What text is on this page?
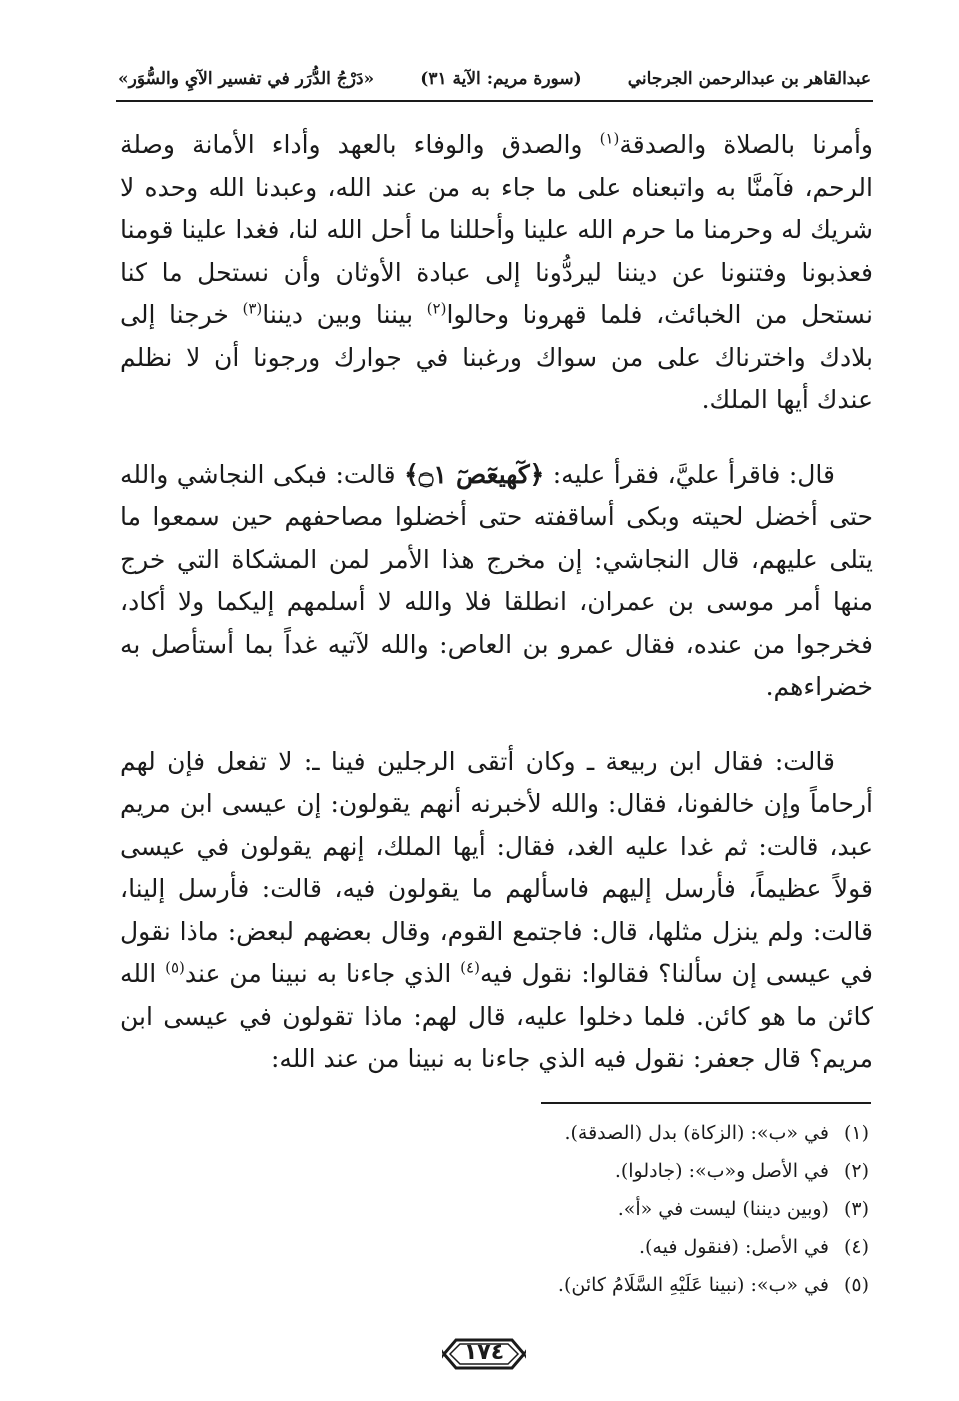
عبدالقاهر بن عبدالرحمن الجرجاني
(سورة مريم: الآية ٣١)
«دَرْجُ الدُّرَر في تفسير الآيِ والسُّوَر»

وأمرنا بالصلاة والصدقة$^{(١)}$ والصدق والوفاء بالعهد وأداء الأمانة وصلة الرحم، فآمنَّا به واتبعناه على ما جاء به من عند الله، وعبدنا الله وحده لا شريك له وحرمنا ما حرم الله علينا وأحللنا ما أحل الله لنا، فغدا علينا قومنا فعذبونا وفتنونا عن ديننا ليردُّونا إلى عبادة الأوثان وأن نستحل ما كنا نستحل من الخبائث، فلما قهرونا وحالوا$^{(٢)}$ بيننا وبين ديننا$^{(٣)}$ خرجنا إلى بلادك واخترناك على من سواك ورغبنا في جوارك ورجونا أن لا نظلم عندك أيها الملك.

قال: فاقرأ عليَّ، فقرأ عليه: ﴿كٓهيعٓصٓ ۝١﴾ قالت: فبكى النجاشي والله حتى أخضل لحيته وبكى أساقفته حتى أخضلوا مصاحفهم حين سمعوا ما يتلى عليهم، قال النجاشي: إن مخرج هذا الأمر لمن المشكاة التي خرج منها أمر موسى بن عمران، انطلقا فلا والله لا أسلمهم إليكما ولا أكاد، فخرجوا من عنده، فقال عمرو بن العاص: والله لآتيه غداً بما أستأصل به خضراءهم.

قالت: فقال ابن ربيعة ـ وكان أتقى الرجلين فينا ـ: لا تفعل فإن لهم أرحاماً وإن خالفونا، فقال: والله لأخبرنه أنهم يقولون: إن عيسى ابن مريم عبد، قالت: ثم غدا عليه الغد، فقال: أيها الملك، إنهم يقولون في عيسى قولاً عظيماً، فأرسل إليهم فاسألهم ما يقولون فيه، قالت: فأرسل إلينا، قالت: ولم ينزل مثلها، قال: فاجتمع القوم، وقال بعضهم لبعض: ماذا نقول في عيسى إن سألنا؟ فقالوا: نقول فيه$^{(٤)}$ الذي جاءنا به نبينا من عند$^{(٥)}$ الله كائن ما هو كائن. فلما دخلوا عليه، قال لهم: ماذا تقولون في عيسى ابن مريم؟ قال جعفر: نقول فيه الذي جاءنا به نبينا من عند الله:

(١) في «ب»: (الزكاة) بدل (الصدقة).
(٢) في الأصل و«ب»: (جادلوا).
(٣) (وبين ديننا) ليست في «أ».
(٤) في الأصل: (فنقول فيه).
(٥) في «ب»: (نبينا عَلَيْهِ السَّلَامُ كائن).
١٧٤
